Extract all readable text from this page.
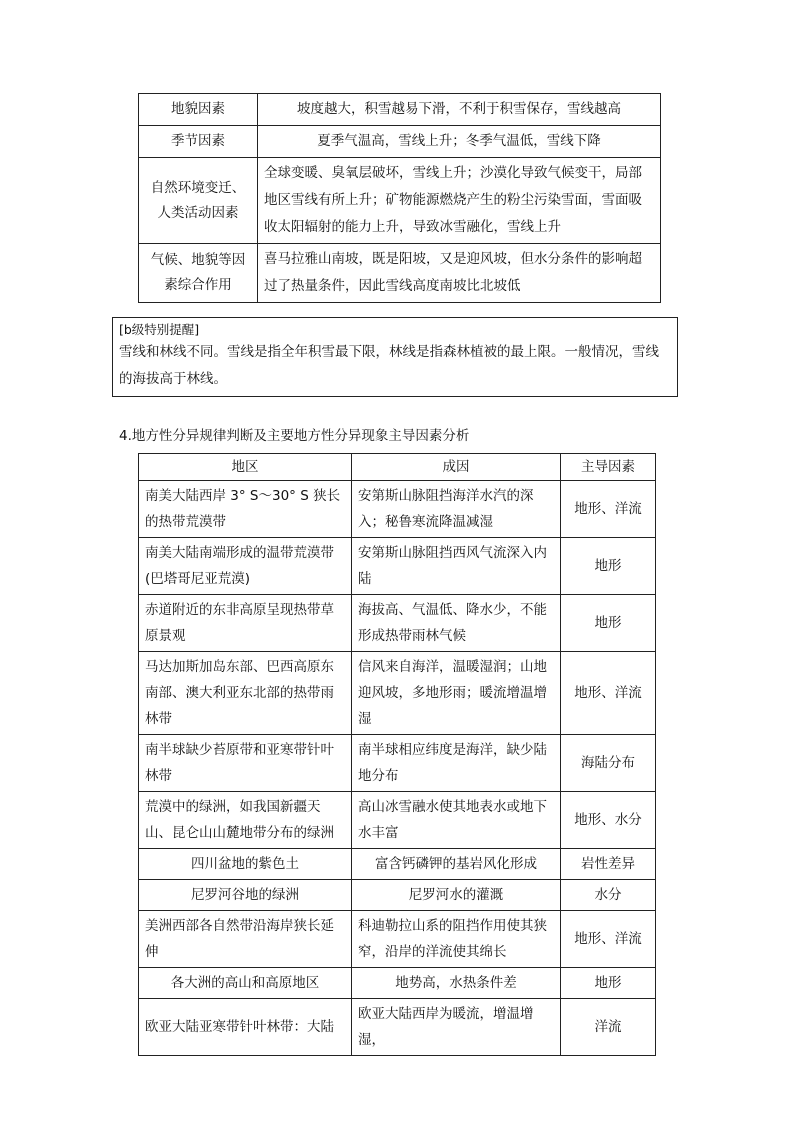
地貌因素	坡度越大，积雪越易下滑，不利于积雪保存，雪线越高
季节因素	夏季气温高，雪线上升；冬季气温低，雪线下降
自然环境变迁、人类活动因素	全球变暖、臭氧层破坏，雪线上升；沙漠化导致气候变干，局部地区雪线有所上升；矿物能源燃烧产生的粉尘污染雪面，雪面吸收太阳辐射的能力上升，导致冰雪融化，雪线上升
气候、地貌等因素综合作用	喜马拉雅山南坡，既是阳坡，又是迎风坡，但水分条件的影响超过了热量条件，因此雪线高度南坡比北坡低
[b级特别提醒]
雪线和林线不同。雪线是指全年积雪最下限，林线是指森林植被的最上限。一般情况，雪线的海拔高于林线。
4.地方性分异规律判断及主要地方性分异现象主导因素分析
地区	成因	主导因素
南美大陆西岸 3° S～30° S 狭长的热带荒漠带	安第斯山脉阻挡海洋水汽的深入；秘鲁寒流降温减湿	地形、洋流
南美大陆南端形成的温带荒漠带(巴塔哥尼亚荒漠)	安第斯山脉阻挡西风气流深入内陆	地形
赤道附近的东非高原呈现热带草原景观	海拔高、气温低、降水少，不能形成热带雨林气候	地形
马达加斯加岛东部、巴西高原东南部、澳大利亚东北部的热带雨林带	信风来自海洋，温暖湿润；山地迎风坡，多地形雨；暖流增温增湿	地形、洋流
南半球缺少苔原带和亚寒带针叶林带	南半球相应纬度是海洋，缺少陆地分布	海陆分布
荒漠中的绿洲，如我国新疆天山、昆仑山山麓地带分布的绿洲	高山冰雪融水使其地表水或地下水丰富	地形、水分
四川盆地的紫色土	富含钙磷钾的基岩风化形成	岩性差异
尼罗河谷地的绿洲	尼罗河水的灌溉	水分
美洲西部各自然带沿海岸狭长延伸	科迪勒拉山系的阻挡作用使其狭窄，沿岸的洋流使其绵长	地形、洋流
各大洲的高山和高原地区	地势高，水热条件差	地形
欧亚大陆亚寒带针叶林带：大陆	欧亚大陆西岸为暖流，增温增湿，	洋流
